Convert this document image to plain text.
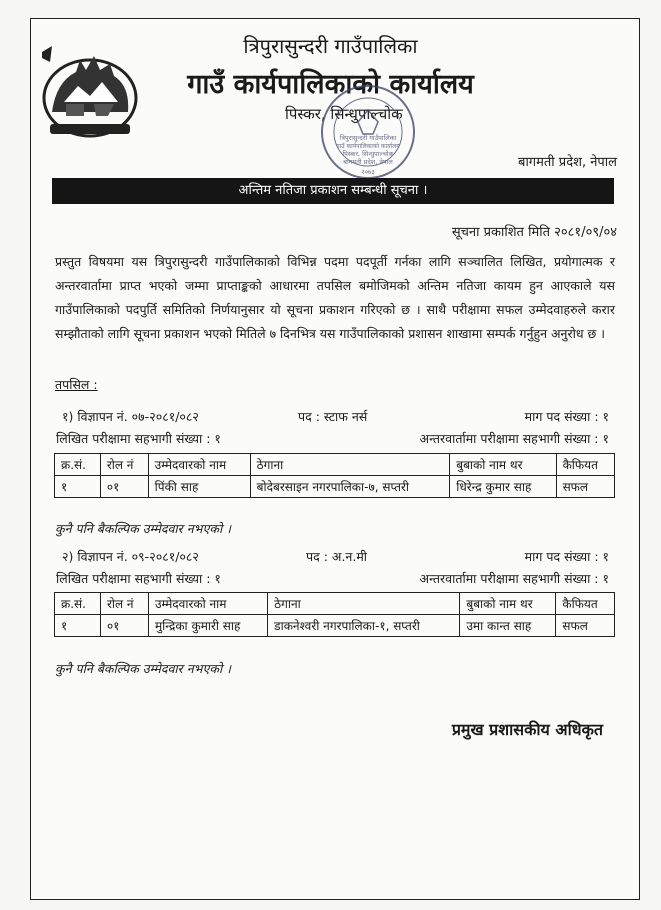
त्रिपुरासुन्दरी गाउँपालिका
गाउँ कार्यपालिकाको कार्यालय
पिस्कर, सिन्धुपाल्चोक
बागमती प्रदेश, नेपाल
त्रिपुरासुन्दरी गाउँपालिका
गाउँ कार्यपालिकाको कार्यालय
पिस्कर, सिन्धुपाल्चोक
बागमती प्रदेश, नेपाल
२०७३
अन्तिम नतिजा प्रकाशन सम्बन्धी सूचना ।
सूचना प्रकाशित मिति २०८१/०९/०४
प्रस्तुत विषयमा यस त्रिपुरासुन्दरी गाउँपालिकाको विभिन्न पदमा पदपूर्ती गर्नका लागि सञ्चालित लिखित, प्रयोगात्मक र अन्तरवार्तामा प्राप्त भएको जम्मा प्राप्ताङ्कको आधारमा तपसिल बमोजिमको अन्तिम नतिजा कायम हुन आएकाले यस गाउँपालिकाको पदपुर्ति समितिको निर्णयानुसार यो सूचना प्रकाशन गरिएको छ । साथै परीक्षामा सफल उम्मेदवाहरुले करार सम्झौताको लागि सूचना प्रकाशन भएको मितिले ७ दिनभित्र यस गाउँपालिकाको प्रशासन शाखामा सम्पर्क गर्नुहुन अनुरोध छ ।
तपसिल :
१) विज्ञापन नं. ०७-२०८१/०८२	पद : स्टाफ नर्स	माग पद संख्या : १
लिखित परीक्षामा सहभागी संख्या : १	अन्तरवार्तामा परीक्षामा सहभागी संख्या : १
क्र.सं.	रोल नं	उम्मेदवारको नाम	ठेगाना	बुबाको नाम थर	कैफियत
१	०१	पिंकी साह	बोदेबरसाइन नगरपालिका-७, सप्तरी	धिरेन्द्र कुमार साह	सफल
कुनै पनि बैकल्पिक उम्मेदवार नभएको ।
२) विज्ञापन नं. ०९-२०८१/०८२	पद : अ.न.मी	माग पद संख्या : १
लिखित परीक्षामा सहभागी संख्या : १	अन्तरवार्तामा परीक्षामा सहभागी संख्या : १
क्र.सं.	रोल नं	उम्मेदवारको नाम	ठेगाना	बुबाको नाम थर	कैफियत
१	०१	मुन्द्रिका कुमारी साह	डाकनेश्वरी नगरपालिका-१, सप्तरी	उमा कान्त साह	सफल
कुनै पनि बैकल्पिक उम्मेदवार नभएको ।
प्रमुख प्रशासकीय अधिकृत
